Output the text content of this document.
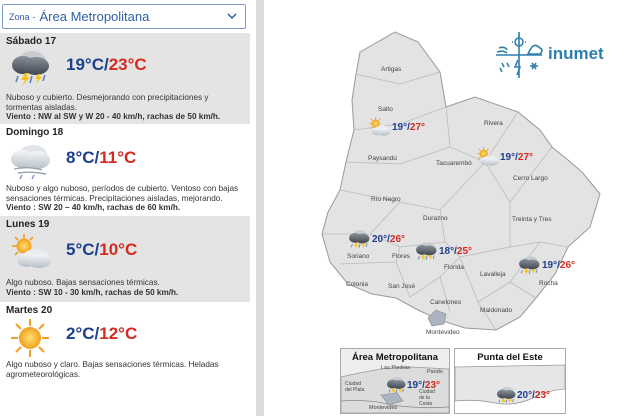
Zona - Área Metropolitana
Sábado 17
19°C/23°C
Nuboso y cubierto. Desmejorando con precipitaciones y tormentas aisladas.
Viento : NW al SW y W 20 - 40 km/h, rachas de 50 km/h.
Domingo 18
8°C/11°C
Nuboso y algo nuboso, períodos de cubierto. Ventoso con bajas sensaciones térmicas. Precipitaciones aisladas, mejorando.
Viento : SW 20 – 40 km/h, rachas de 60 km/h.
Lunes 19
5°C/10°C
Algo nuboso. Bajas sensaciones térmicas.
Viento : SW 10 - 30 km/h, rachas de 50 km/h.
Martes 20
2°C/12°C
Algo nuboso y claro. Bajas sensaciones térmicas. Heladas agrometeorológicas.
Artigas
Salto
Rivera
Paysandú
Tacuarembó
Cerro Largo
Río Negro
Durazno	Treinta y Tres
Soriano	Flores
Florida
Lavalleja
Rocha
Colonia	San José
Canelones
Maldonado
Montevideo
19°/27°
19°/27°
20°/26°
18°/25°
19°/26°
inumet
Área Metropolitana
Las Piedras
Pando
Ciudad del Plata	Ciudad de la Costa
Montevideo
19°/23°
Punta del Este
20°/23°
